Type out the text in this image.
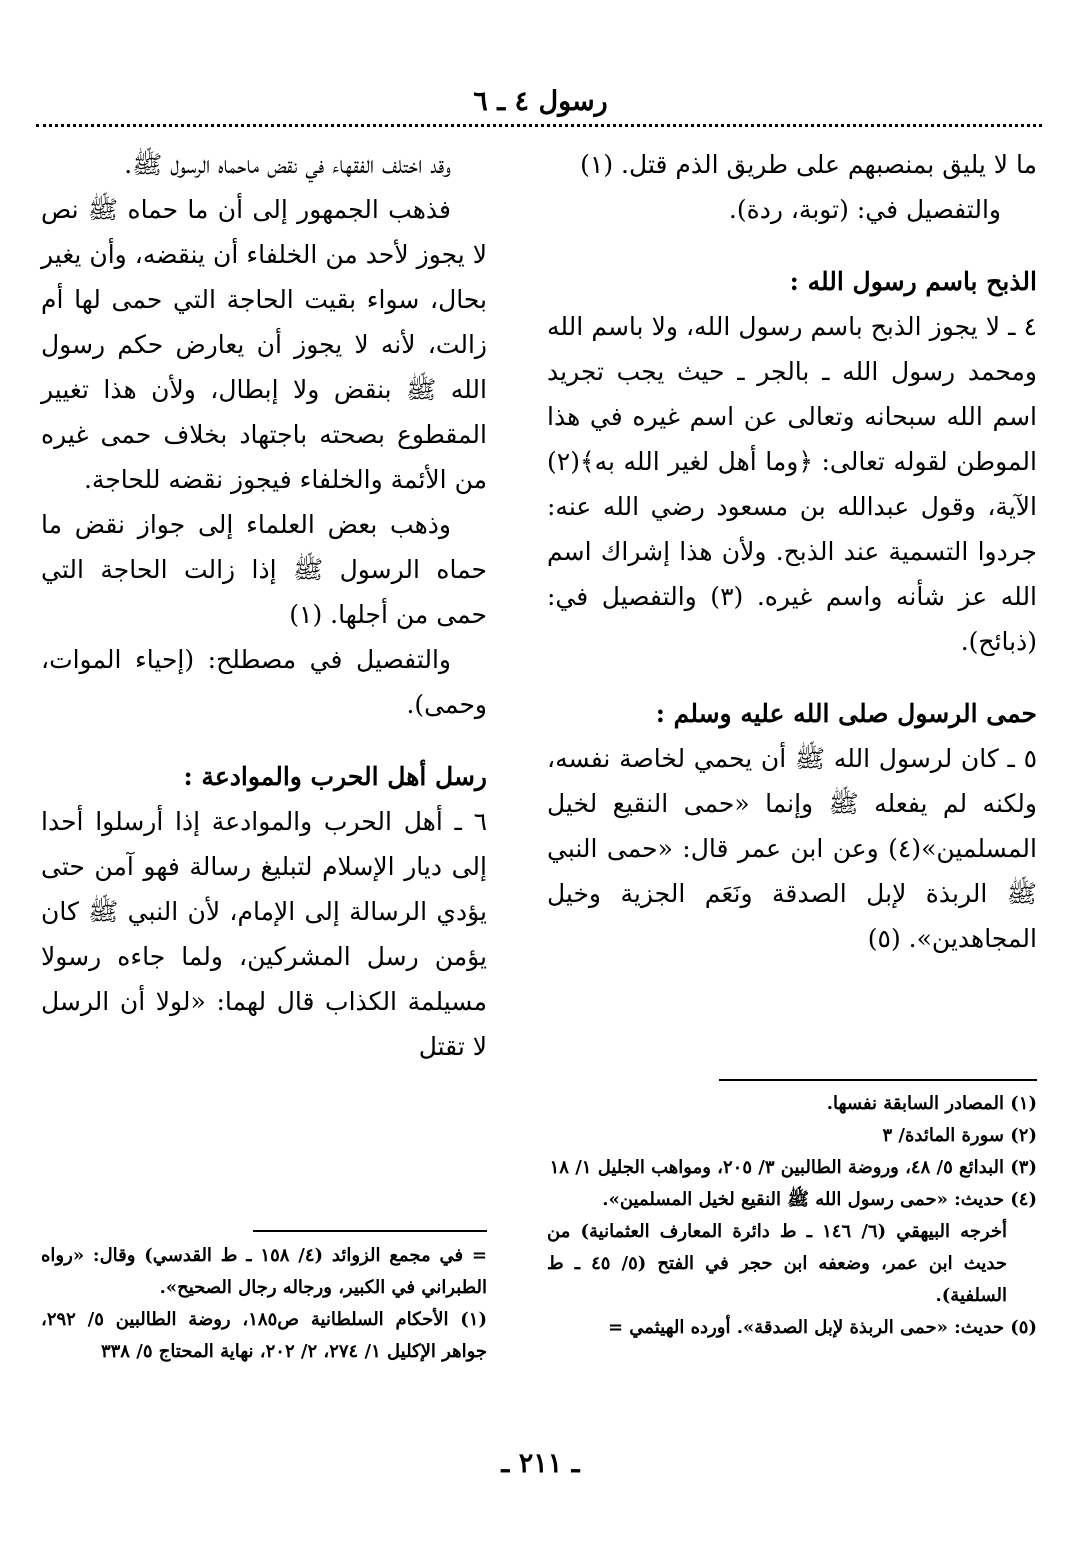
رسول ٤ ـ ٦

ما لا يليق بمنصبهم على طريق الذم قتل. (١)

والتفصيل في: (توبة، ردة).

الذبح باسم رسول الله :

٤ ـ لا يجوز الذبح باسم رسول الله، ولا باسم الله ومحمد رسول الله ـ بالجر ـ حيث يجب تجريد اسم الله سبحانه وتعالى عن اسم غيره في هذا الموطن لقوله تعالى: ﴿وما أهل لغير الله به﴾(٢) الآية، وقول عبدالله بن مسعود رضي الله عنه: جردوا التسمية عند الذبح. ولأن هذا إشراك اسم الله عز شأنه واسم غيره. (٣) والتفصيل في: (ذبائح).

حمى الرسول صلى الله عليه وسلم :

٥ ـ كان لرسول الله ﷺ أن يحمي لخاصة نفسه، ولكنه لم يفعله ﷺ وإنما «حمى النقيع لخيل المسلمين»(٤) وعن ابن عمر قال: «حمى النبي ﷺ الربذة لإبل الصدقة ونَعَم الجزية وخيل المجاهدين». (٥)

وقد اختلف الفقهاء في نقض ماحماه الرسول ﷺ.

فذهب الجمهور إلى أن ما حماه ﷺ نص لا يجوز لأحد من الخلفاء أن ينقضه، وأن يغير بحال، سواء بقيت الحاجة التي حمى لها أم زالت، لأنه لا يجوز أن يعارض حكم رسول الله ﷺ بنقض ولا إبطال، ولأن هذا تغيير المقطوع بصحته باجتهاد بخلاف حمى غيره من الأئمة والخلفاء فيجوز نقضه للحاجة.

وذهب بعض العلماء إلى جواز نقض ما حماه الرسول ﷺ إذا زالت الحاجة التي حمى من أجلها. (١)

والتفصيل في مصطلح: (إحياء الموات، وحمى).

رسل أهل الحرب والموادعة :

٦ ـ أهل الحرب والموادعة إذا أرسلوا أحدا إلى ديار الإسلام لتبليغ رسالة فهو آمن حتى يؤدي الرسالة إلى الإمام، لأن النبي ﷺ كان يؤمن رسل المشركين، ولما جاءه رسولا مسيلمة الكذاب قال لهما: «لولا أن الرسل لا تقتل

(١) المصادر السابقة نفسها.

(٢) سورة المائدة/ ٣

(٣) البدائع ٥/ ٤٨، وروضة الطالبين ٣/ ٢٠٥، ومواهب الجليل ١/ ١٨

(٤) حديث: «حمى رسول الله ﷺ النقيع لخيل المسلمين».

أخرجه البيهقي (٦/ ١٤٦ ـ ط دائرة المعارف العثمانية) من حديث ابن عمر، وضعفه ابن حجر في الفتح (٥/ ٤٥ ـ ط السلفية).

(٥) حديث: «حمى الربذة لإبل الصدقة». أورده الهيثمي =

= في مجمع الزوائد (٤/ ١٥٨ ـ ط القدسي) وقال: «رواه الطبراني في الكبير، ورجاله رجال الصحيح».

(١) الأحكام السلطانية ص١٨٥، روضة الطالبين ٥/ ٢٩٢، جواهر الإكليل ١/ ٢٧٤، ٢/ ٢٠٢، نهاية المحتاج ٥/ ٣٣٨

ـ ٢١١ ـ
